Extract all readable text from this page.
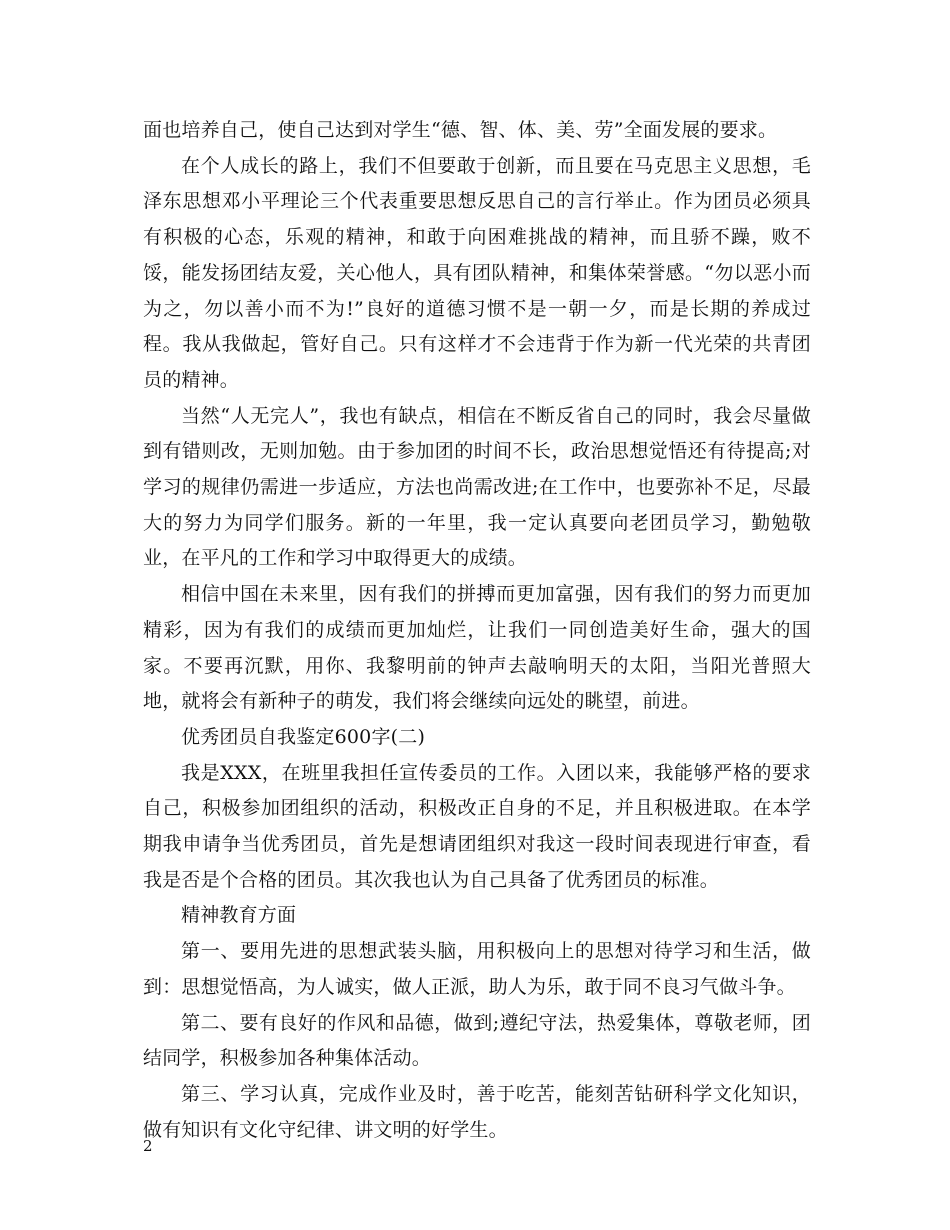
面也培养自己，使自己达到对学生“德、智、体、美、劳”全面发展的要求。

在个人成长的路上，我们不但要敢于创新，而且要在马克思主义思想，毛泽东思想邓小平理论三个代表重要思想反思自己的言行举止。作为团员必须具有积极的心态，乐观的精神，和敢于向困难挑战的精神，而且骄不躁，败不馁，能发扬团结友爱，关心他人，具有团队精神，和集体荣誉感。“勿以恶小而为之，勿以善小而不为!”良好的道德习惯不是一朝一夕，而是长期的养成过程。我从我做起，管好自己。只有这样才不会违背于作为新一代光荣的共青团员的精神。

当然“人无完人”，我也有缺点，相信在不断反省自己的同时，我会尽量做到有错则改，无则加勉。由于参加团的时间不长，政治思想觉悟还有待提高;对学习的规律仍需进一步适应，方法也尚需改进;在工作中，也要弥补不足，尽最大的努力为同学们服务。新的一年里，我一定认真要向老团员学习，勤勉敬业，在平凡的工作和学习中取得更大的成绩。

相信中国在未来里，因有我们的拼搏而更加富强，因有我们的努力而更加精彩，因为有我们的成绩而更加灿烂，让我们一同创造美好生命，强大的国家。不要再沉默，用你、我黎明前的钟声去敲响明天的太阳，当阳光普照大地，就将会有新种子的萌发，我们将会继续向远处的眺望，前进。

优秀团员自我鉴定600字(二)

我是XXX，在班里我担任宣传委员的工作。入团以来，我能够严格的要求自己，积极参加团组织的活动，积极改正自身的不足，并且积极进取。在本学期我申请争当优秀团员，首先是想请团组织对我这一段时间表现进行审查，看我是否是个合格的团员。其次我也认为自己具备了优秀团员的标准。

精神教育方面

第一、要用先进的思想武装头脑，用积极向上的思想对待学习和生活，做到：思想觉悟高，为人诚实，做人正派，助人为乐，敢于同不良习气做斗争。

第二、要有良好的作风和品德，做到;遵纪守法，热爱集体，尊敬老师，团结同学，积极参加各种集体活动。

第三、学习认真，完成作业及时，善于吃苦，能刻苦钻研科学文化知识，做有知识有文化守纪律、讲文明的好学生。

2
